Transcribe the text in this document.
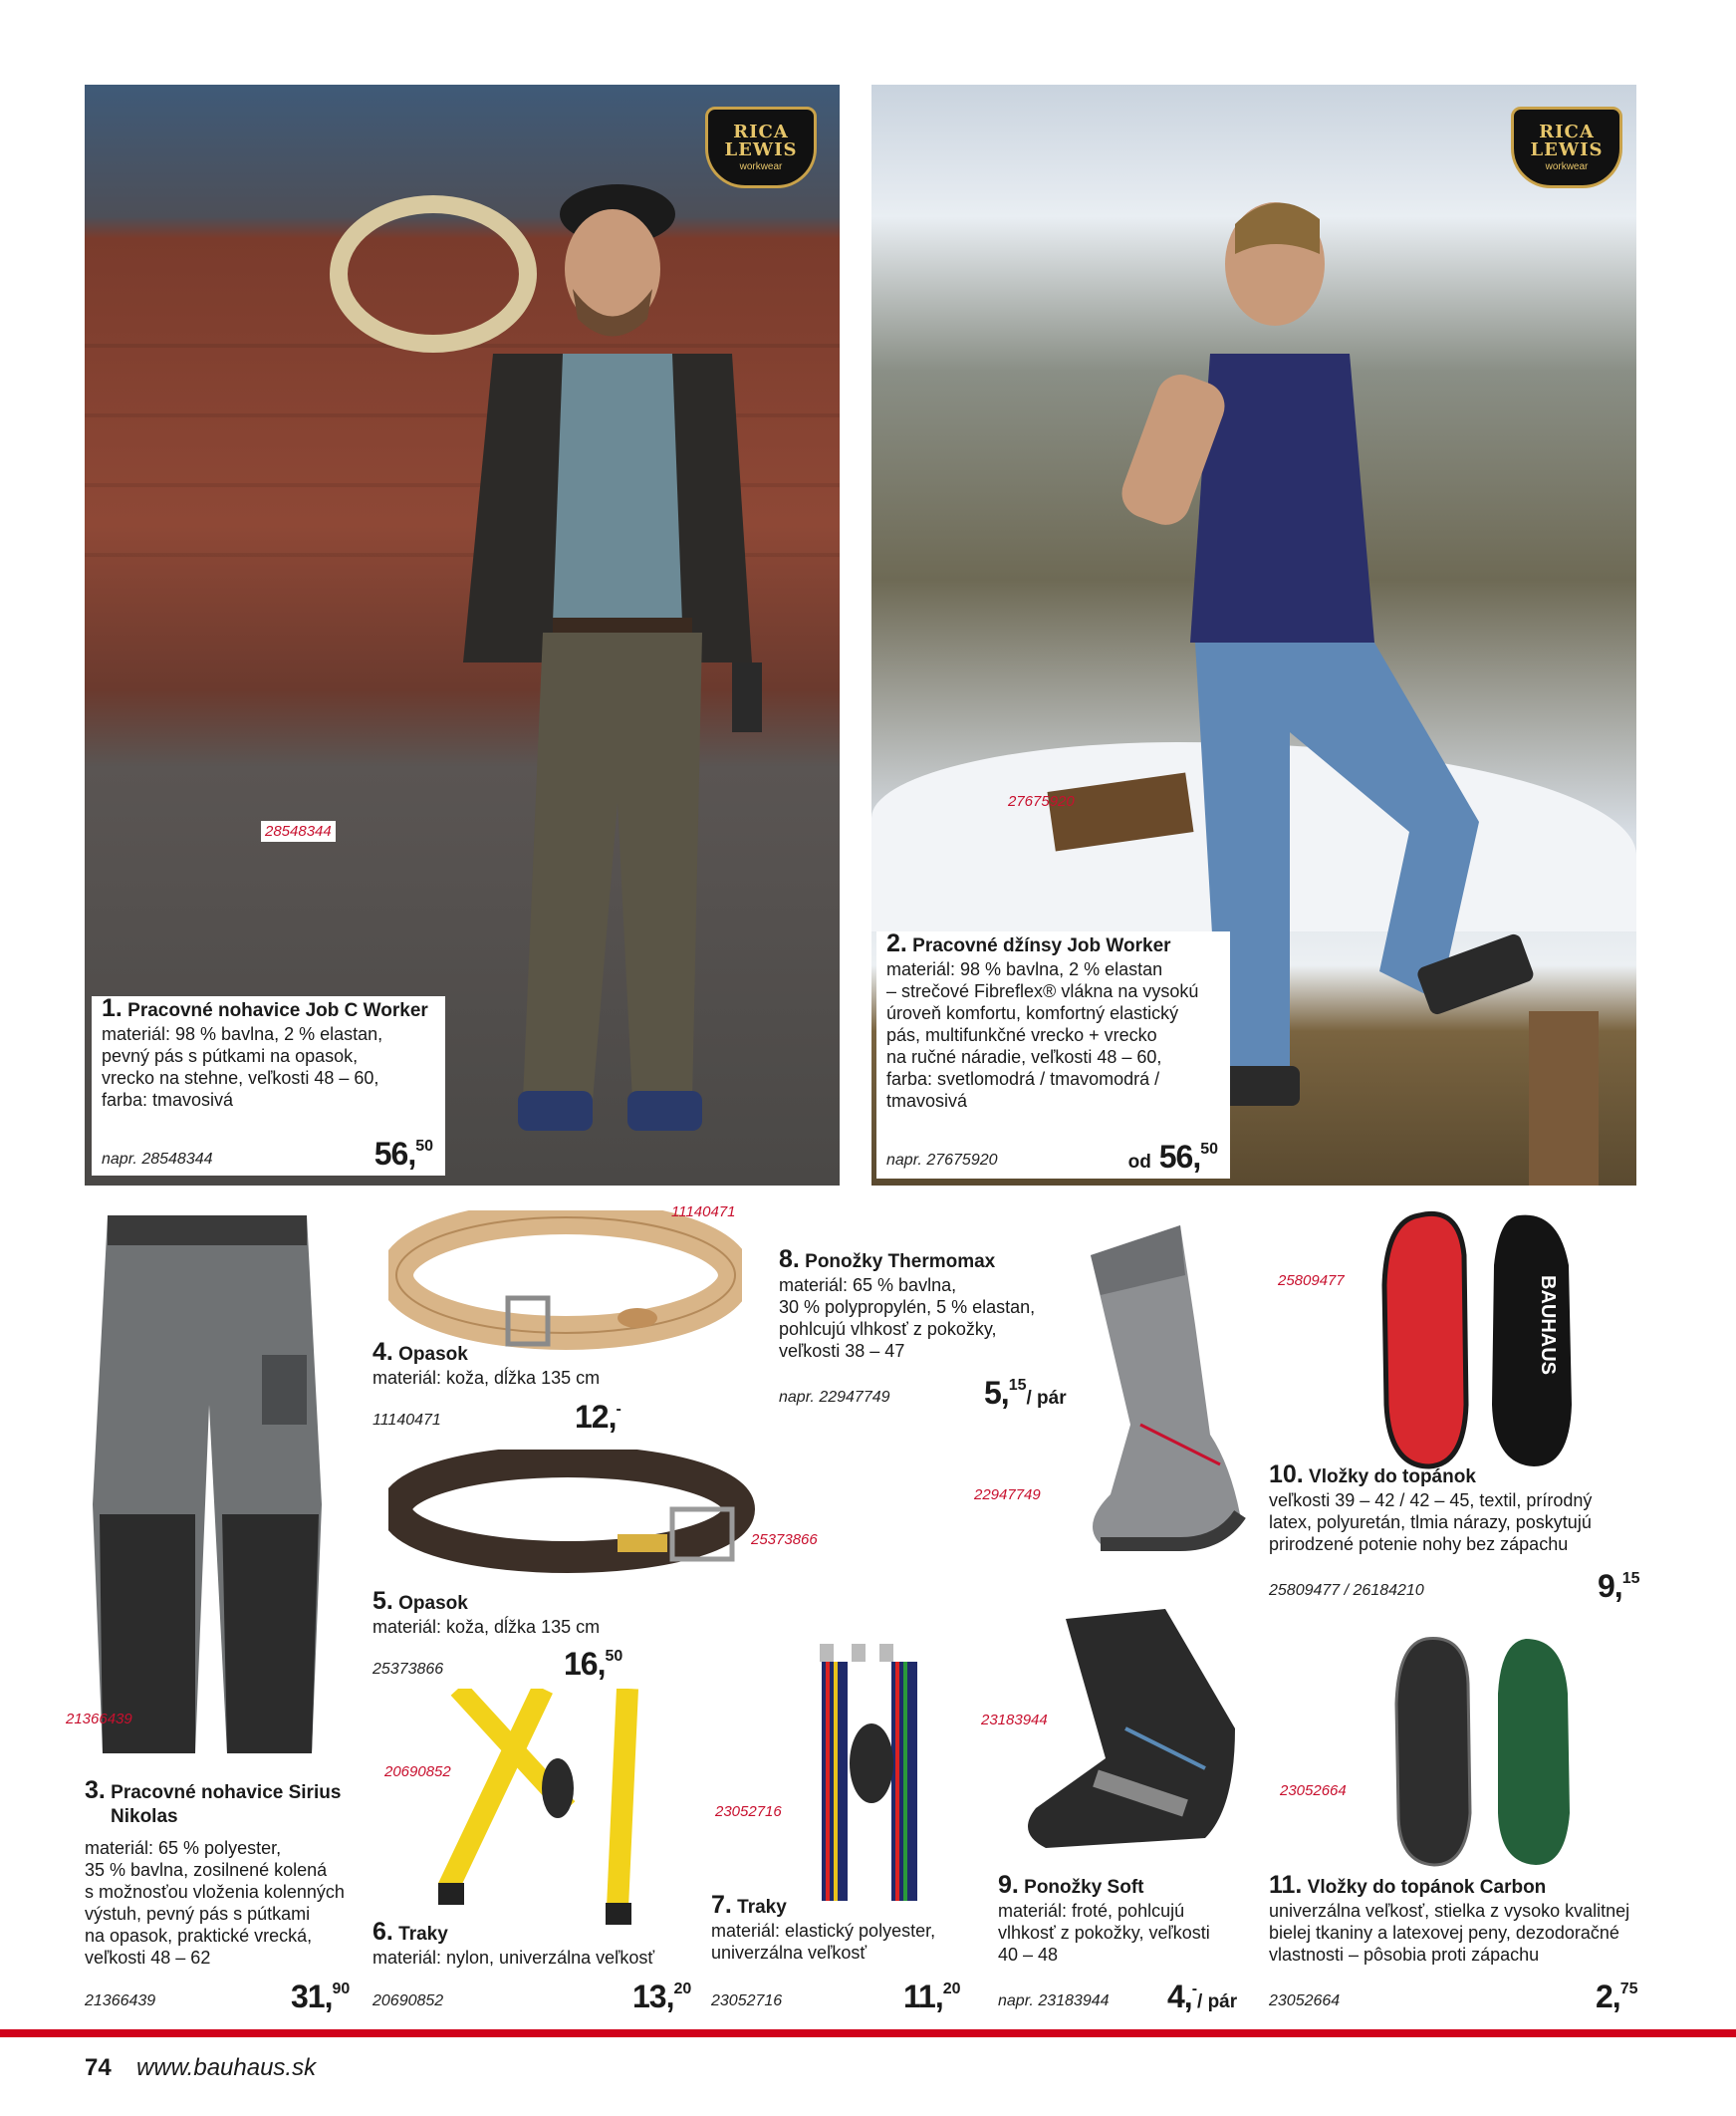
RICA
LEWIS
workwear
28548344
1. Pracovné nohavice Job C Worker
materiál: 98 % bavlna, 2 % elastan,
pevný pás s pútkami na opasok,
vrecko na stehne, veľkosti 48 – 60,
farba: tmavosivá
napr. 28548344	56,50
RICA
LEWIS
workwear
27675920
2. Pracovné džínsy Job Worker
materiál: 98 % bavlna, 2 % elastan
– strečové Fibreflex® vlákna na vysokú
úroveň komfortu, komfortný elastický
pás, multifunkčné vrecko + vrecko
na ručné náradie, veľkosti 48 – 60,
farba: svetlomodrá / tmavomodrá /
tmavosivá
napr. 27675920	od 56,50
21366439
3. Pracovné nohavice Sirius
Nikolas
materiál: 65 % polyester,
35 % bavlna, zosilnené kolená
s možnosťou vloženia kolenných
výstuh, pevný pás s pútkami
na opasok, praktické vrecká,
veľkosti 48 – 62
21366439	31,90
11140471
4. Opasok
materiál: koža, dĺžka 135 cm
11140471	12,-
25373866
5. Opasok
materiál: koža, dĺžka 135 cm
25373866	16,50
20690852
6. Traky
materiál: nylon, univerzálna veľkosť
20690852	13,20
23052716
7. Traky
materiál: elastický polyester,
univerzálna veľkosť
23052716	11,20
8. Ponožky Thermomax
materiál: 65 % bavlna,
30 % polypropylén, 5 % elastan,
pohlcujú vlhkosť z pokožky,
veľkosti 38 – 47
napr. 22947749	5,15/ pár
22947749
23183944
9. Ponožky Soft
materiál: froté, pohlcujú
vlhkosť z pokožky, veľkosti
40 – 48
napr. 23183944 4,-/ pár
BAUHAUS
25809477
10. Vložky do topánok
veľkosti 39 – 42 / 42 – 45, textil, prírodný
latex, polyuretán, tlmia nárazy, poskytujú
prirodzené potenie nohy bez zápachu
25809477 / 26184210	9,15
23052664
11. Vložky do topánok Carbon
univerzálna veľkosť, stielka z vysoko kvalitnej
bielej tkaniny a latexovej peny, dezodoračné
vlastnosti – pôsobia proti zápachu
23052664	2,75
74 www.bauhaus.sk
